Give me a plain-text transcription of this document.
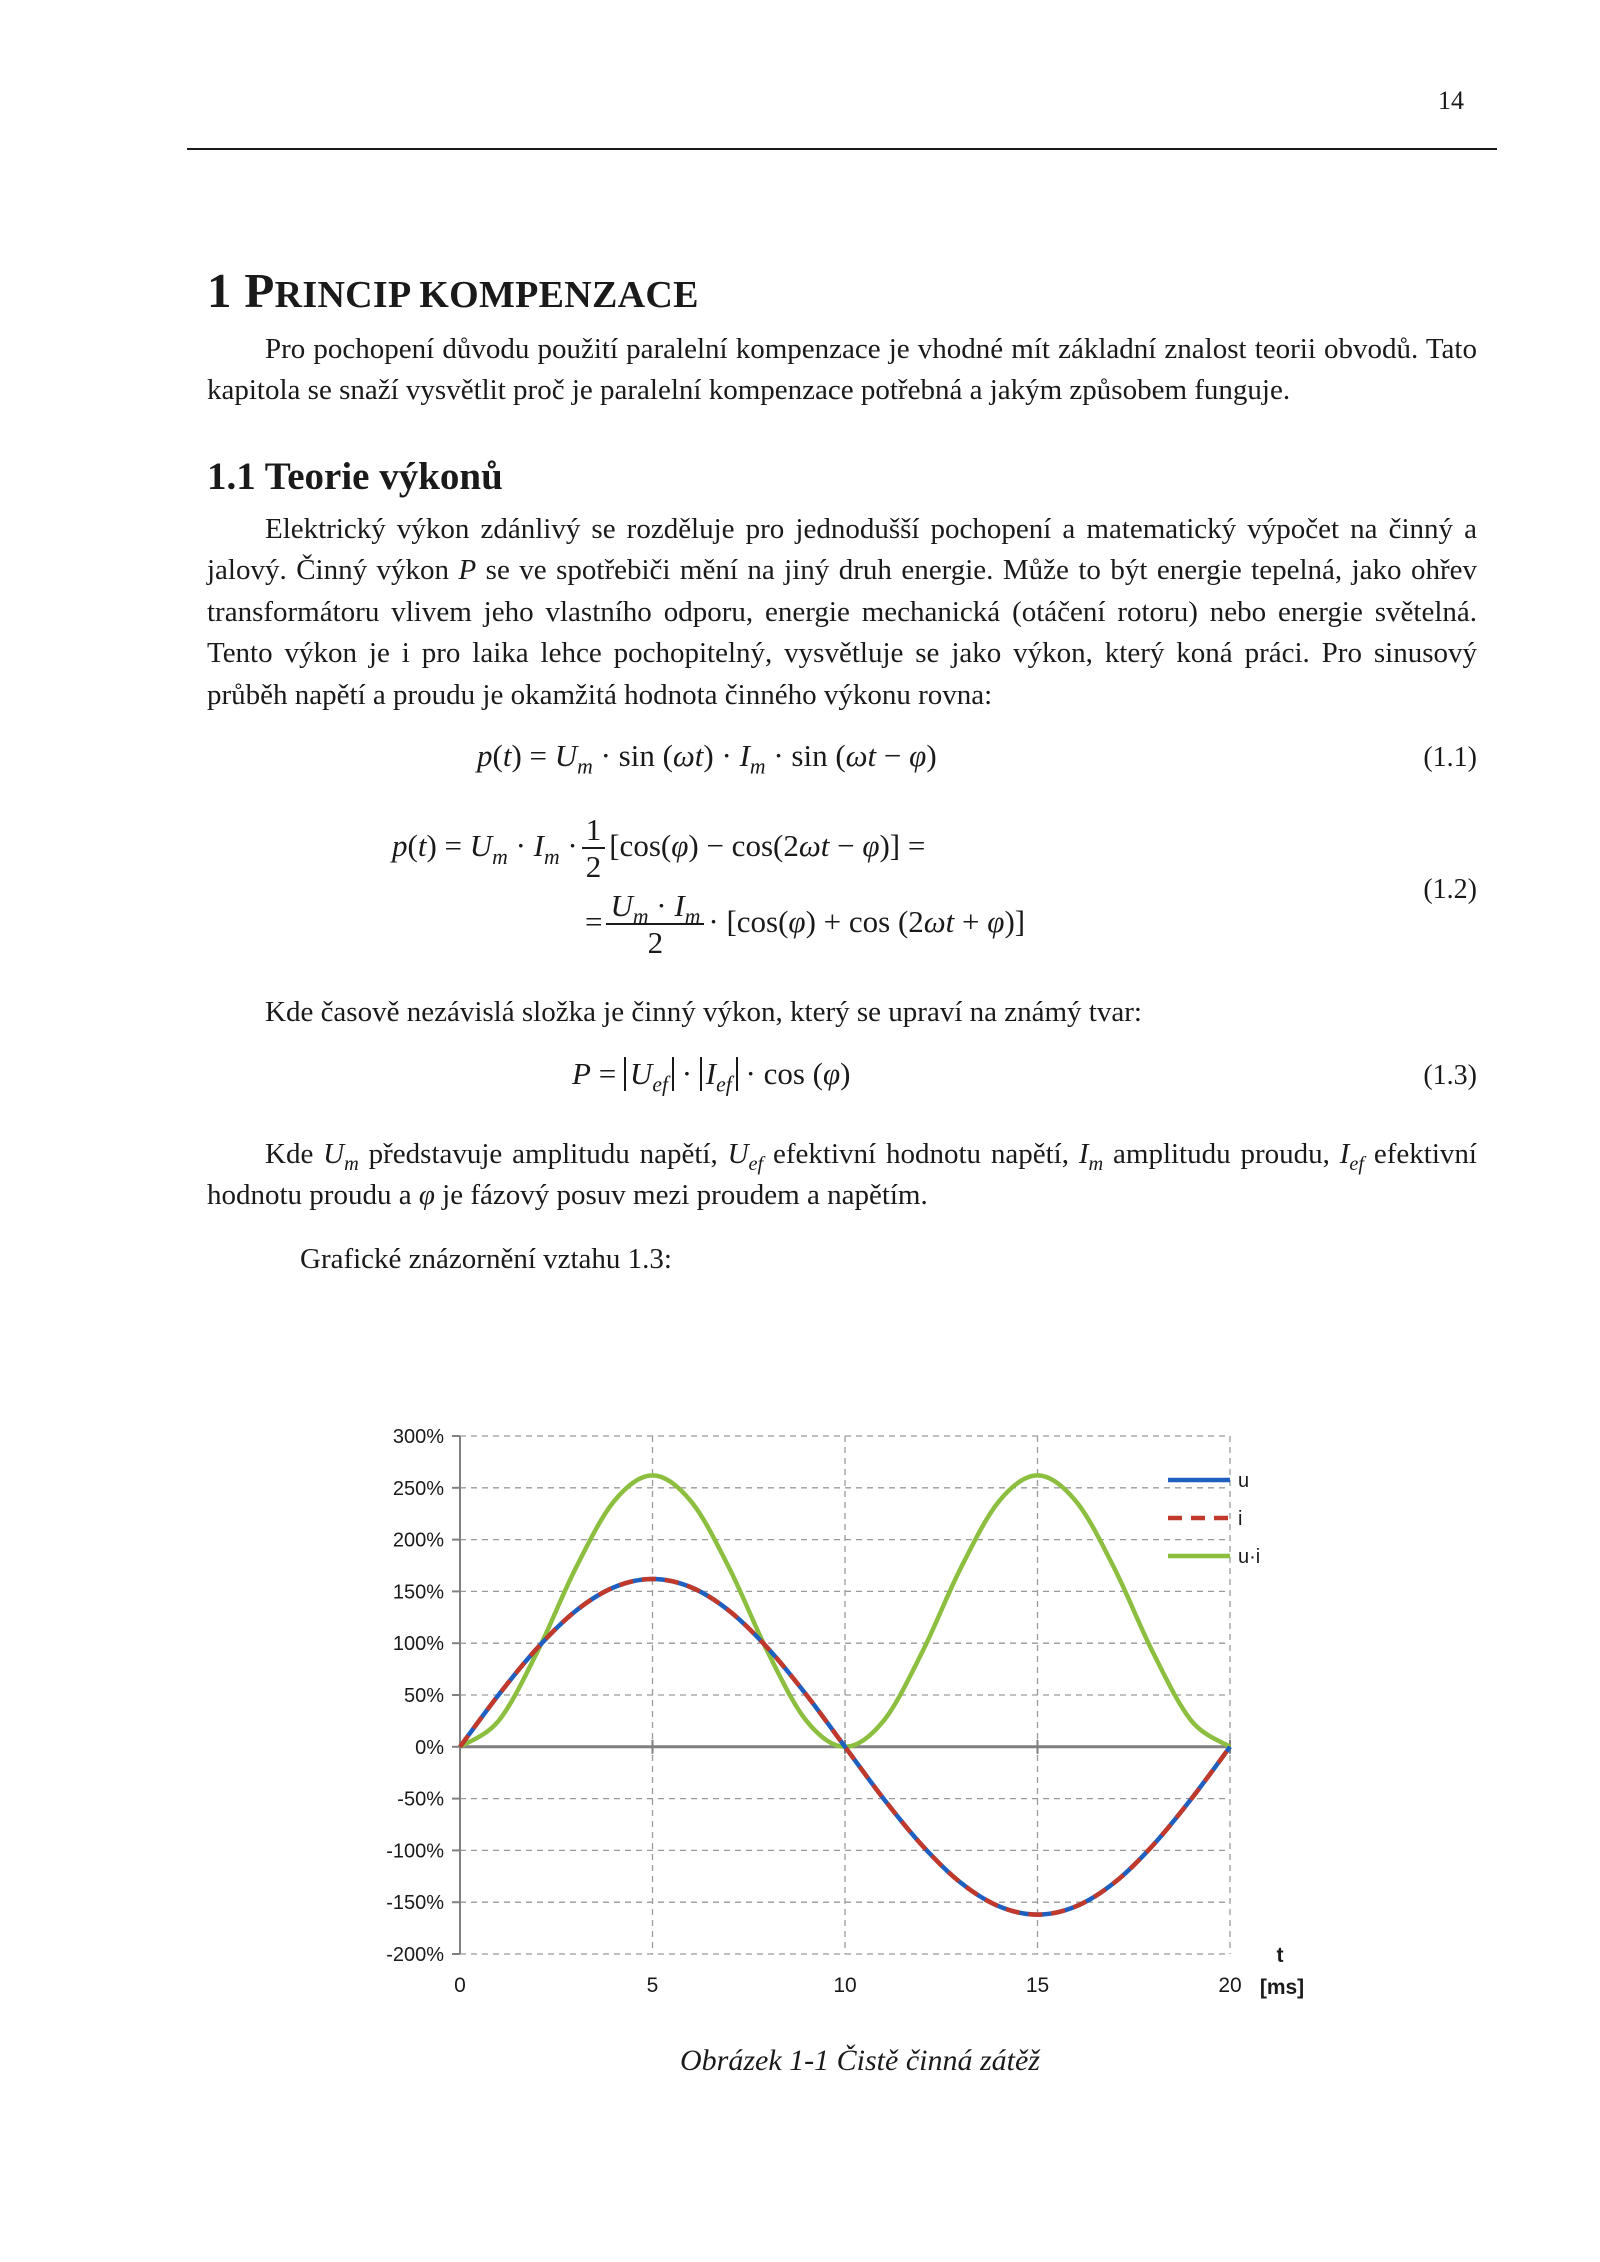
14
1 PRINCIP KOMPENZACE

Pro pochopení důvodu použití paralelní kompenzace je vhodné mít základní znalost teorii obvodů. Tato kapitola se snaží vysvětlit proč je paralelní kompenzace potřebná a jakým způsobem funguje.

1.1 Teorie výkonů

Elektrický výkon zdánlivý se rozděluje pro jednodušší pochopení a matematický výpočet na činný a jalový. Činný výkon P se ve spotřebiči mění na jiný druh energie. Může to být energie tepelná, jako ohřev transformátoru vlivem jeho vlastního odporu, energie mechanická (otáčení rotoru) nebo energie světelná. Tento výkon je i pro laika lehce pochopitelný, vysvětluje se jako výkon, který koná práci. Pro sinusový průběh napětí a proudu je okamžitá hodnota činného výkonu rovna:

$p(t) = U_m \cdot \sin (\omega t) \cdot I_m \cdot \sin (\omega t - \varphi)$	(1.1)
$p(t) = U_m \cdot I_m \cdot \frac{1}{2} [\cos(\varphi) - \cos(2\omega t - \varphi)]$ =
= $\frac{U_m \cdot I_m}{2} \cdot [\cos(\varphi) + \cos (2\omega t + \varphi)]$
(1.2)

Kde časově nezávislá složka je činný výkon, který se upraví na známý tvar:

$P = U_{ef} \cdot I_{ef} \cdot \cos (\varphi)$	(1.3)

Kde $U_m$ představuje amplitudu napětí, $U_{ef}$ efektivní hodnotu napětí, $I_m$ amplitudu proudu, $I_{ef}$ efektivní hodnotu proudu a φ je fázový posuv mezi proudem a napětím.

Grafické znázornění vztahu 1.3:

300%
250%
200%
150%
100%
50%
0%
-50%
-100%
-150%
-200%
0	5	10	15	20
t
[ms]
u
i
u·i
Obrázek 1-1 Čistě činná zátěž
